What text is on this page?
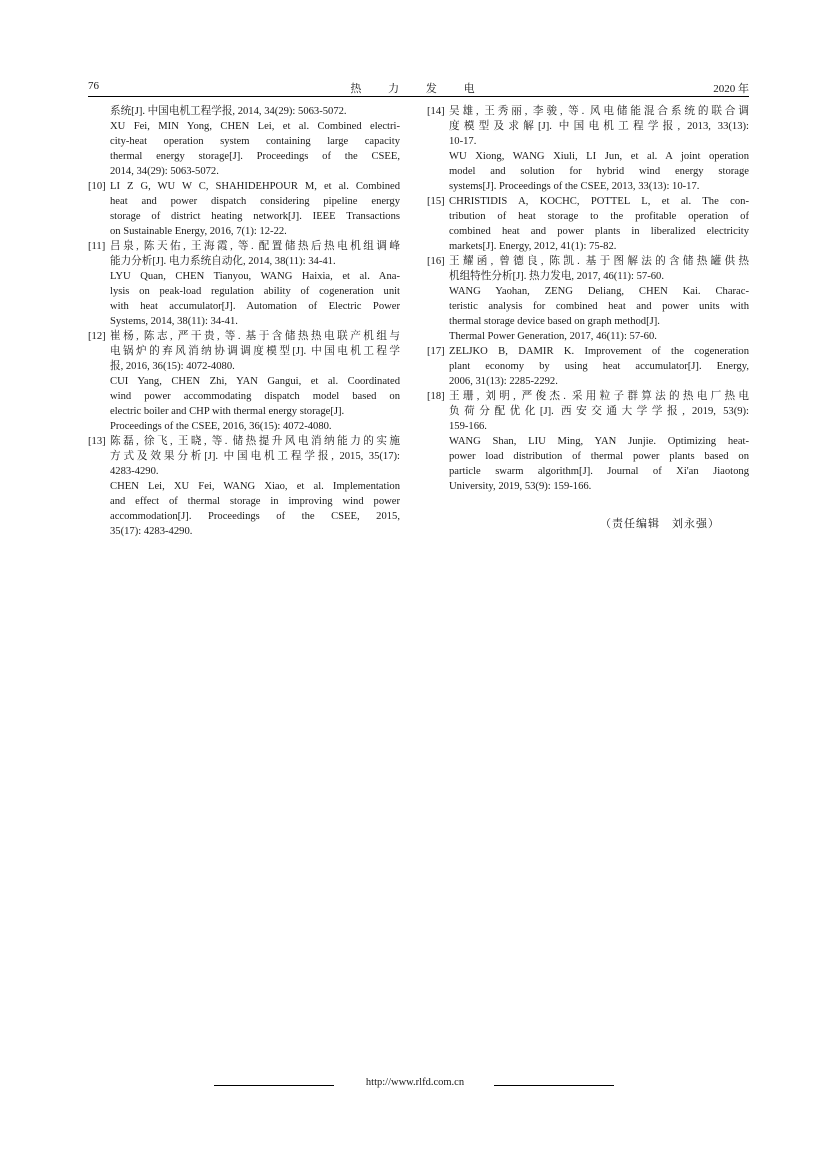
76	热 力 发 电	2020 年
系统[J]. 中国电机工程学报, 2014, 34(29): 5063-5072.
XU Fei, MIN Yong, CHEN Lei, et al. Combined electri-
city-heat operation system containing large capacity
thermal energy storage[J]. Proceedings of the CSEE,
2014, 34(29): 5063-5072.
[10] LI Z G, WU W C, SHAHIDEHPOUR M, et al. Combined
heat and power dispatch considering pipeline energy
storage of district heating network[J]. IEEE Transactions
on Sustainable Energy, 2016, 7(1): 12-22.
[11] 吕泉, 陈天佑, 王海霞, 等. 配置储热后热电机组调峰
能力分析[J]. 电力系统自动化, 2014, 38(11): 34-41.
LYU Quan, CHEN Tianyou, WANG Haixia, et al. Ana-
lysis on peak-load regulation ability of cogeneration unit
with heat accumulator[J]. Automation of Electric Power
Systems, 2014, 38(11): 34-41.
[12] 崔杨, 陈志, 严干贵, 等. 基于含储热热电联产机组与
电锅炉的弃风消纳协调调度模型[J]. 中国电机工程学
报, 2016, 36(15): 4072-4080.
CUI Yang, CHEN Zhi, YAN Gangui, et al. Coordinated
wind power accommodating dispatch model based on
electric boiler and CHP with thermal energy storage[J].
Proceedings of the CSEE, 2016, 36(15): 4072-4080.
[13] 陈磊, 徐飞, 王晓, 等. 储热提升风电消纳能力的实施
方式及效果分析[J]. 中国电机工程学报, 2015, 35(17):
4283-4290.
CHEN Lei, XU Fei, WANG Xiao, et al. Implementation
and effect of thermal storage in improving wind power
accommodation[J]. Proceedings of the CSEE, 2015,
35(17): 4283-4290.
[14] 吴雄, 王秀丽, 李骏, 等. 风电储能混合系统的联合调
度模型及求解[J]. 中国电机工程学报, 2013, 33(13):
10-17.
WU Xiong, WANG Xiuli, LI Jun, et al. A joint operation
model and solution for hybrid wind energy storage
systems[J]. Proceedings of the CSEE, 2013, 33(13): 10-17.
[15] CHRISTIDIS A, KOCHC, POTTEL L, et al. The con-
tribution of heat storage to the profitable operation of
combined heat and power plants in liberalized electricity
markets[J]. Energy, 2012, 41(1): 75-82.
[16] 王耀函, 曾德良, 陈凯. 基于图解法的含储热罐供热
机组特性分析[J]. 热力发电, 2017, 46(11): 57-60.
WANG Yaohan, ZENG Deliang, CHEN Kai. Charac-
teristic analysis for combined heat and power units with
thermal storage device based on graph method[J].
Thermal Power Generation, 2017, 46(11): 57-60.
[17] ZELJKO B, DAMIR K. Improvement of the cogeneration
plant economy by using heat accumulator[J]. Energy,
2006, 31(13): 2285-2292.
[18] 王珊, 刘明, 严俊杰. 采用粒子群算法的热电厂热电
负荷分配优化[J]. 西安交通大学学报, 2019, 53(9):
159-166.
WANG Shan, LIU Ming, YAN Junjie. Optimizing heat-
power load distribution of thermal power plants based on
particle swarm algorithm[J]. Journal of Xi'an Jiaotong
University, 2019, 53(9): 159-166.
（责任编辑　刘永强）
http://www.rlfd.com.cn
